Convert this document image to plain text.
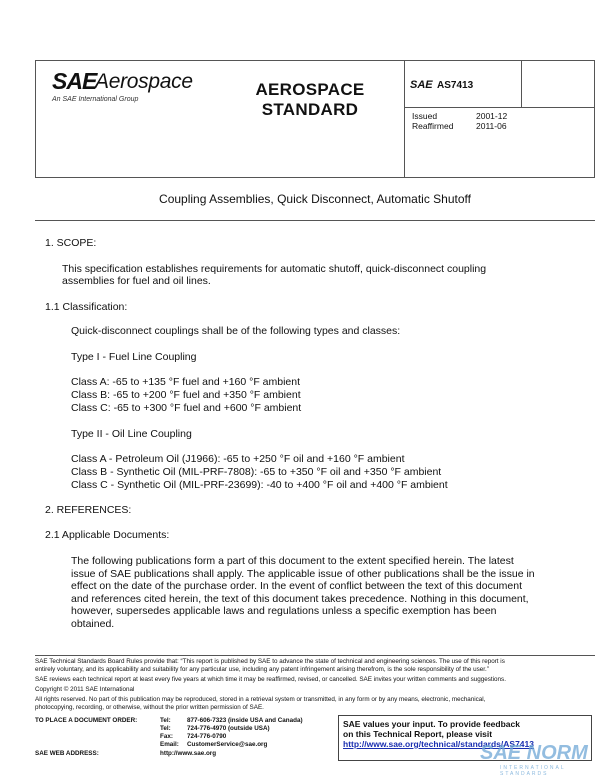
SAE
Aerospace
An SAE International Group
AEROSPACE
STANDARD
SAE AS7413
Issued	2001-12
Reaffirmed	2011-06
Coupling Assemblies, Quick Disconnect, Automatic Shutoff
1. SCOPE:
This specification establishes requirements for automatic shutoff, quick-disconnect coupling
assemblies for fuel and oil lines.
1.1 Classification:
Quick-disconnect couplings shall be of the following types and classes:
Type I - Fuel Line Coupling
Class A: -65 to +135 °F fuel and +160 °F ambient
Class B: -65 to +200 °F fuel and +350 °F ambient
Class C: -65 to +300 °F fuel and +600 °F ambient
Type II - Oil Line Coupling
Class A - Petroleum Oil (J1966): -65 to +250 °F oil and +160 °F ambient
Class B - Synthetic Oil (MIL-PRF-7808): -65 to +350 °F oil and +350 °F ambient
Class C - Synthetic Oil (MIL-PRF-23699): -40 to +400 °F oil and +400 °F ambient
2. REFERENCES:
2.1 Applicable Documents:
The following publications form a part of this document to the extent specified herein. The latest
issue of SAE publications shall apply. The applicable issue of other publications shall be the issue in
effect on the date of the purchase order. In the event of conflict between the text of this document
and references cited herein, the text of this document takes precedence. Nothing in this document,
however, supersedes applicable laws and regulations unless a specific exemption has been
obtained.
SAE Technical Standards Board Rules provide that: “This report is published by SAE to advance the state of technical and engineering sciences. The use of this report is
entirely voluntary, and its applicability and suitability for any particular use, including any patent infringement arising therefrom, is the sole responsibility of the user.”
SAE reviews each technical report at least every five years at which time it may be reaffirmed, revised, or cancelled. SAE invites your written comments and suggestions.
Copyright © 2011 SAE International
All rights reserved. No part of this publication may be reproduced, stored in a retrieval system or transmitted, in any form or by any means, electronic, mechanical,
photocopying, recording, or otherwise, without the prior written permission of SAE.
TO PLACE A DOCUMENT ORDER:	Tel:	877-606-7323 (inside USA and Canada)
Tel:	724-776-4970 (outside USA)
Fax: 724-776-0790
Email: CustomerService@sae.org
SAE WEB ADDRESS:	http://www.sae.org
SAE values your input. To provide feedback
on this Technical Report, please visit
http://www.sae.org/technical/standards/AS7413
SAE NORM
INTERNATIONAL STANDARDS
